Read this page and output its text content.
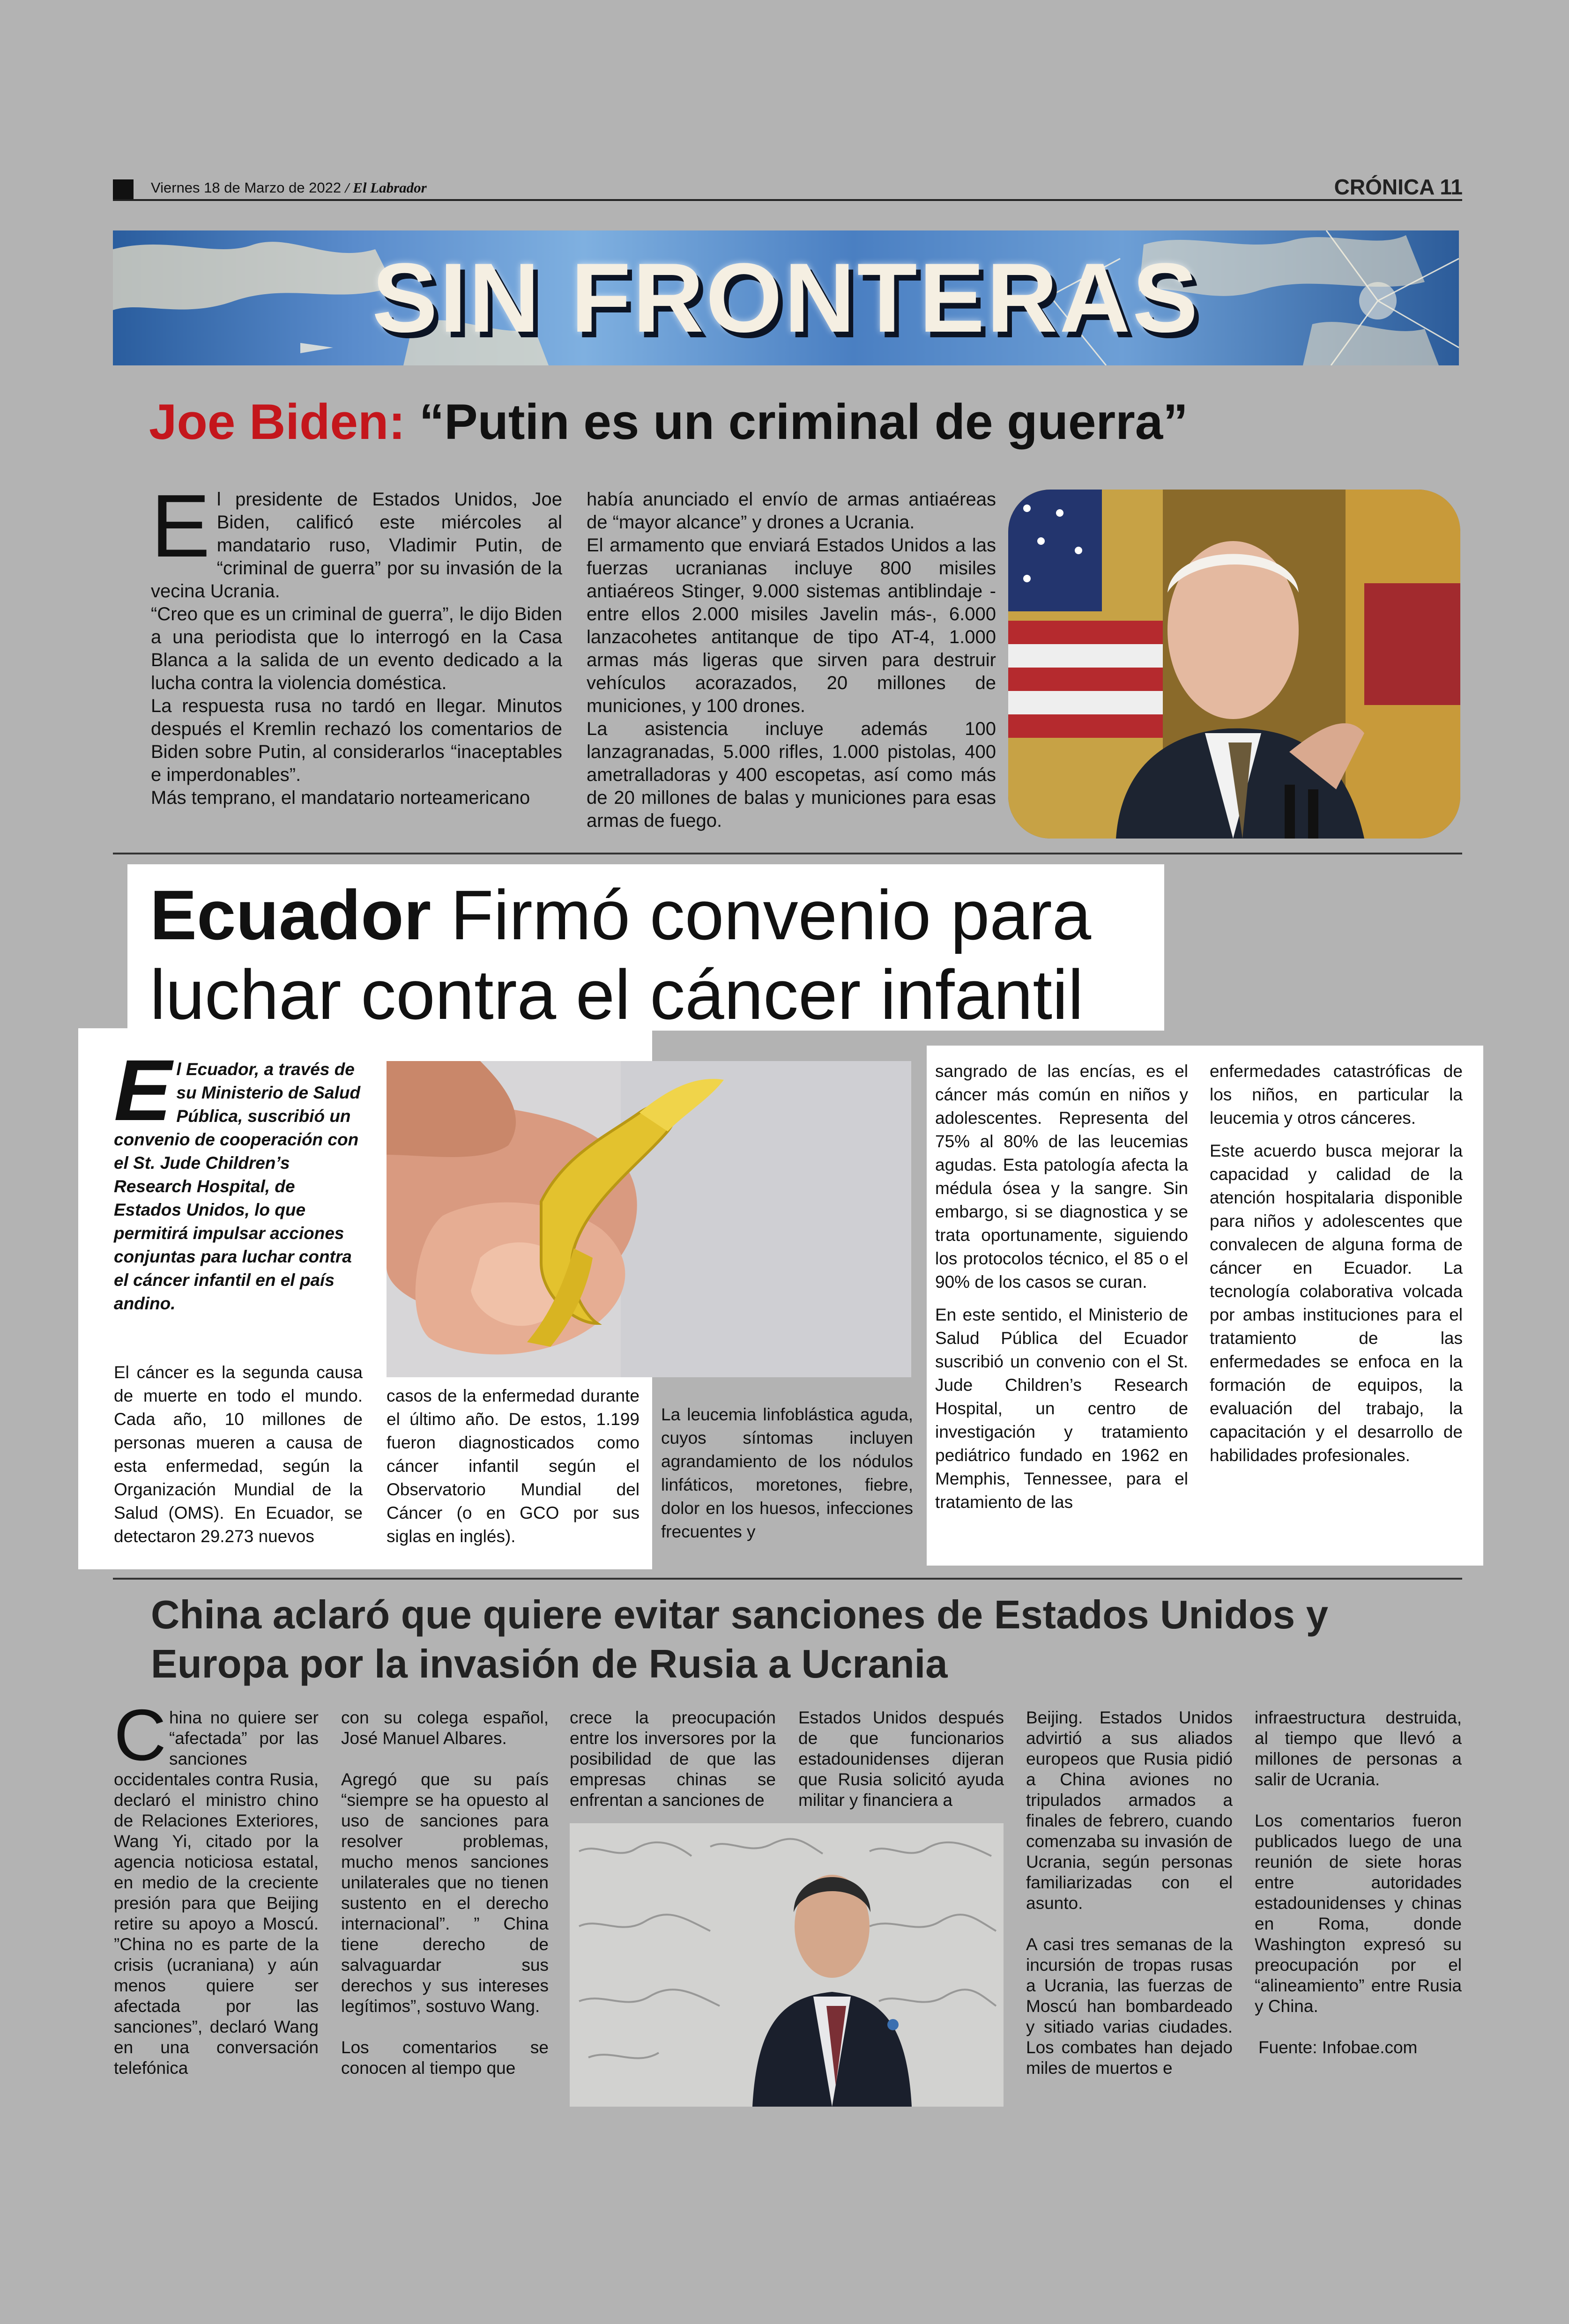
Viernes 18 de Marzo de 2022 / El Labrador	CRÓNICA 11
SIN FRONTERAS
Joe Biden: “Putin es un criminal de guerra”
E l presidente de Estados Unidos, Joe Biden, calificó este miércoles al mandatario ruso, Vladimir Putin, de “criminal de guerra” por su invasión de la vecina Ucrania.

“Creo que es un criminal de guerra”, le dijo Biden a una periodista que lo interrogó en la Casa Blanca a la salida de un evento dedicado a la lucha contra la violencia doméstica.

La respuesta rusa no tardó en llegar. Minutos después el Kremlin rechazó los comentarios de Biden sobre Putin, al considerarlos “inaceptables e imperdonables”.

Más temprano, el mandatario norteamericano

había anunciado el envío de armas antiaéreas de “mayor alcance” y drones a Ucrania.

El armamento que enviará Estados Unidos a las fuerzas ucranianas incluye 800 misiles antiaéreos Stinger, 9.000 sistemas antiblindaje -entre ellos 2.000 misiles Javelin más-, 6.000 lanzacohetes antitanque de tipo AT-4, 1.000 armas más ligeras que sirven para destruir vehículos acorazados, 20 millones de municiones, y 100 drones.

La asistencia incluye además 100 lanzagranadas, 5.000 rifles, 1.000 pistolas, 400 ametralladoras y 400 escopetas, así como más de 20 millones de balas y municiones para esas armas de fuego.

Ecuador Firmó convenio para luchar contra el cáncer infantil
E l Ecuador, a través de su Ministerio de Salud Pública, suscribió un convenio de cooperación con el St. Jude Children’s Research Hospital, de Estados Unidos, lo que permitirá impulsar acciones conjuntas para luchar contra el cáncer infantil en el país andino.

El cáncer es la segunda causa de muerte en todo el mundo. Cada año, 10 millones de personas mueren a causa de esta enfermedad, según la Organización Mundial de la Salud (OMS). En Ecuador, se detectaron 29.273 nuevos

casos de la enfermedad durante el último año. De estos, 1.199 fueron diagnosticados como cáncer infantil según el Observatorio Mundial del Cáncer (o en GCO por sus siglas en inglés).

La leucemia linfoblástica aguda, cuyos síntomas incluyen agrandamiento de los nódulos linfáticos, moretones, fiebre, dolor en los huesos, infecciones frecuentes y

sangrado de las encías, es el cáncer más común en niños y adolescentes. Representa del 75% al 80% de las leucemias agudas. Esta patología afecta la médula ósea y la sangre. Sin embargo, si se diagnostica y se trata oportunamente, siguiendo los protocolos técnico, el 85 o el 90% de los casos se curan.

En este sentido, el Ministerio de Salud Pública del Ecuador suscribió un convenio con el St. Jude Children’s Research Hospital, un centro de investigación y tratamiento pediátrico fundado en 1962 en Memphis, Tennessee, para el tratamiento de las

enfermedades catastróficas de los niños, en particular la leucemia y otros cánceres.

Este acuerdo busca mejorar la capacidad y calidad de la atención hospitalaria disponible para niños y adolescentes que convalecen de alguna forma de cáncer en Ecuador. La tecnología colaborativa volcada por ambas instituciones para el tratamiento de las enfermedades se enfoca en la formación de equipos, la evaluación del trabajo, la capacitación y el desarrollo de habilidades profesionales.

China aclaró que quiere evitar sanciones de Estados Unidos y Europa por la invasión de Rusia a Ucrania
C hina no quiere ser “afectada” por las sanciones occidentales contra Rusia, declaró el ministro chino de Relaciones Exteriores, Wang Yi, citado por la agencia noticiosa estatal, en medio de la creciente presión para que Beijing retire su apoyo a Moscú. ”China no es parte de la crisis (ucraniana) y aún menos quiere ser afectada por las sanciones”, declaró Wang en una conversación telefónica

con su colega español, José Manuel Albares.

Agregó que su país “siempre se ha opuesto al uso de sanciones para resolver problemas, mucho menos sanciones unilaterales que no tienen sustento en el derecho internacional”. ” China tiene derecho de salvaguardar sus derechos y sus intereses legítimos”, sostuvo Wang.

Los comentarios se conocen al tiempo que

crece la preocupación entre los inversores por la posibilidad de que las empresas chinas se enfrentan a sanciones de

Estados Unidos después de que funcionarios estadounidenses dijeran que Rusia solicitó ayuda militar y financiera a

Beijing. Estados Unidos advirtió a sus aliados europeos que Rusia pidió a China aviones no tripulados armados a finales de febrero, cuando comenzaba su invasión de Ucrania, según personas familiarizadas con el asunto.

A casi tres semanas de la incursión de tropas rusas a Ucrania, las fuerzas de Moscú han bombardeado y sitiado varias ciudades. Los combates han dejado miles de muertos e

infraestructura destruida, al tiempo que llevó a millones de personas a salir de Ucrania.

Los comentarios fueron publicados luego de una reunión de siete horas entre autoridades estadounidenses y chinas en Roma, donde Washington expresó su preocupación por el “alineamiento” entre Rusia y China.

Fuente: Infobae.com
